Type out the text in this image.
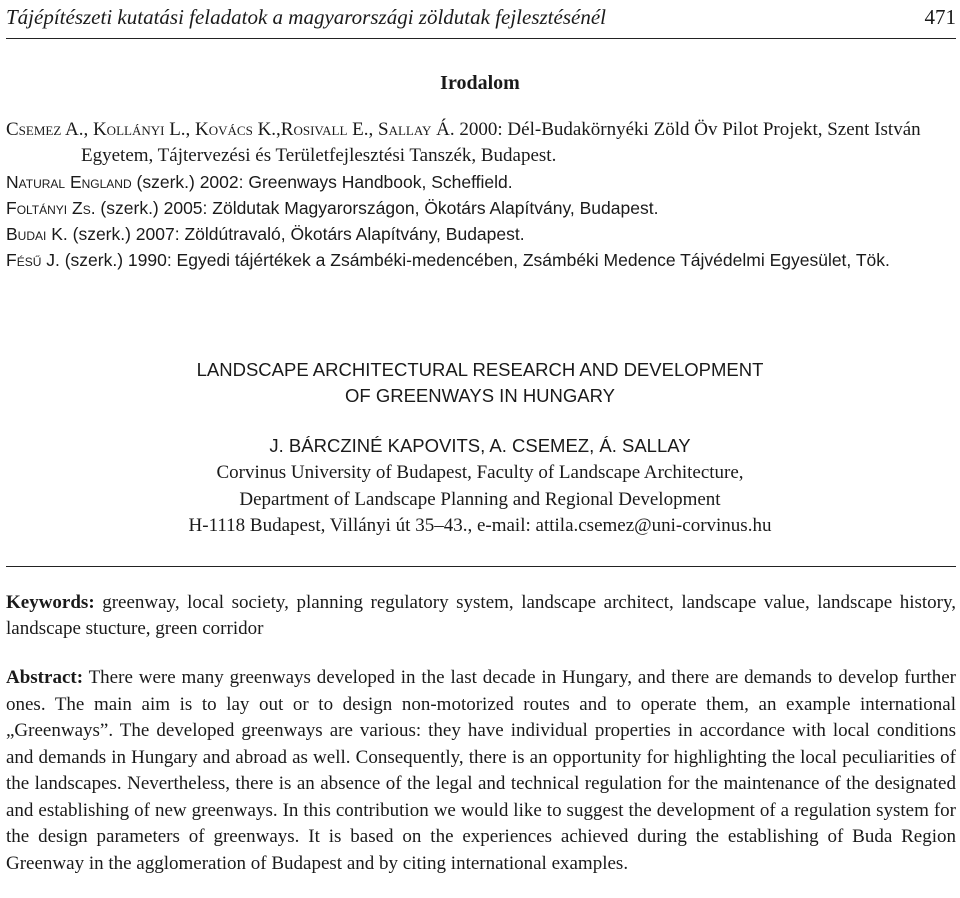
Tájépítészeti kutatási feladatok a magyarországi zöldutak fejlesztésénél	471
Irodalom
Csemez A., Kollányi L., Kovács K.,Rosivall E., Sallay Á. 2000: Dél-Budakörnyéki Zöld Öv Pilot Projekt, Szent István Egyetem, Tájtervezési és Területfejlesztési Tanszék, Budapest.
Natural England (szerk.) 2002: Greenways Handbook, Scheffield.
Foltányi Zs. (szerk.) 2005: Zöldutak Magyarországon, Ökotárs Alapítvány, Budapest.
Budai K. (szerk.) 2007: Zöldútravaló, Ökotárs Alapítvány, Budapest.
Fésű J. (szerk.) 1990: Egyedi tájértékek a Zsámbéki-medencében, Zsámbéki Medence Tájvédelmi Egyesület, Tök.
LANDSCAPE ARCHITECTURAL RESEARCH AND DEVELOPMENT
OF GREENWAYS IN HUNGARY
J. BÁRCZINÉ KAPOVITS, A. CSEMEZ, Á. SALLAY
Corvinus University of Budapest, Faculty of Landscape Architecture,
Department of Landscape Planning and Regional Development
H-1118 Budapest, Villányi út 35–43., e-mail: attila.csemez@uni-corvinus.hu
Keywords: greenway, local society, planning regulatory system, landscape architect, landscape value, landscape history, landscape stucture, green corridor
Abstract: There were many greenways developed in the last decade in Hungary, and there are demands to develop further ones. The main aim is to lay out or to design non-motorized routes and to operate them, an example international „Greenways”. The developed greenways are various: they have individual properties in accordance with local conditions and demands in Hungary and abroad as well. Consequently, there is an opportunity for highlighting the local peculiarities of the landscapes. Nevertheless, there is an absence of the legal and technical regulation for the maintenance of the designated and establishing of new greenways. In this contribution we would like to suggest the development of a regulation system for the design parameters of greenways. It is based on the experiences achieved during the establishing of Buda Region Greenway in the agglomeration of Budapest and by citing international examples.
